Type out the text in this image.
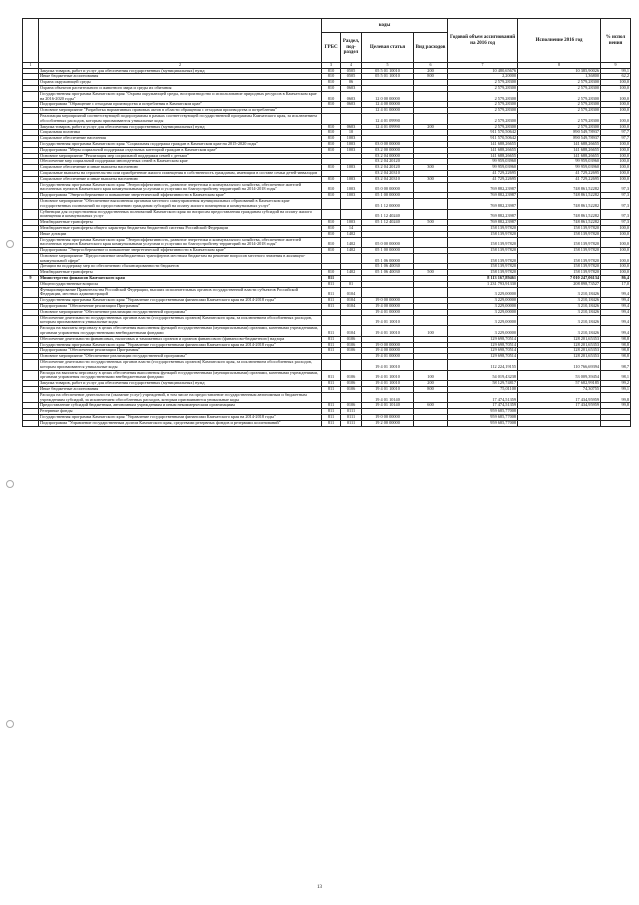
		коды				Годовой объем ассигнований на 2016 год	Исполнение 2016 год	% испол нения
		ГРБС	Раздел, под-раздел	Целевая статья	Вид расходов			
1	2	3	4	5	6	7	8	9
	Закупка товаров, работ и услуг для обеспечения государственных (муниципальных) нужд	810	0505	05 5 01 10010	200	10 480,65676	10 385,90026	99,1
	Иные бюджетные ассигнования	810	0505	05 5 01 10010	800	2,20000	1,36800	62,2
	Охрана окружающей среды	810	06			2 579,28300	2 579,28300	100,0
	Охрана объектов растительного и животного мира и среды их обитания	810	0603			2 579,28300	2 579,28300	100,0
	Государственная программа Камчатского края "Охрана окружающей среды, воспроизводство и использование природных ресурсов в Камчатском крае на 2016-2020 годы"	810	0603	12 0 00 00000		2 579,28300	2 579,28300	100,0
	Подпрограмма "Обращение с отходами производства и потребления в Камчатском крае"	810	0603	12 4 00 00000		2 579,28300	2 579,28300	100,0
	Основное мероприятие "Разработка нормативных правовых актов в области обращения с отходами производства и потребления"			12 4 01 00000		2 579,28300	2 579,28300	100,0
	Реализация мероприятий соответствующей подпрограммы в рамках соответствующей государственной программы Камчатского края, за исключением обособленных расходов, которым присваиваются уникальные коды			12 4 01 09990		2 579,28300	2 579,28300	100,0
	Закупка товаров, работ и услуг для обеспечения государственных (муниципальных) нужд	810	0603	12 4 01 09990	200	2 579,28300	2 579,28300	100,0
	Социальная политика	810	10			911 570,50642	890 549,78937	97,7
	Социальное обеспечение населения	810	1003			911 570,50642	890 549,78937	97,7
	Государственная программа Камчатского края "Социальная поддержка граждан в Камчатском крае на 2015-2020 годы"	810	1003	03 0 00 00000		141 688,26655	141 688,26655	100,0
	Подпрограмма "Меры социальной поддержки отдельных категорий граждан в Камчатском крае"	810	1003	03 2 00 00000		141 688,26655	141 688,26655	100,0
	Основное мероприятие "Реализация мер социальной поддержки семей с детьми"			03 2 04 00000		141 688,26655	141 688,26655	100,0
	Обеспечение мер социальной поддержки многодетных семей в Камчатском крае			03 2 04 20120		99 959,03960	99 959,03960	100,0
	Социальное обеспечение и иные выплаты населению	810	1003	03 2 04 20120	300	99 959,03960	99 959,03960	100,0
	Социальные выплаты на строительство или приобретение жилого помещения в собственность гражданам, имеющим в составе семьи детей-инвалидов			03 2 04 20310		41 729,22695	41 729,22695	100,0
	Социальное обеспечение и иные выплаты населению	810	1003	03 2 04 20310	300	41 729,22695	41 729,22695	100,0
	Государственная программа Камчатского края "Энергоэффективность, развитие энергетики и коммунального хозяйства, обеспечение жителей населенных пунктов Камчатского края коммунальными услугами и услугами по благоустройству территорий на 2014-2018 годы"	810	1003	05 0 00 00000		769 882,23987	748 861,52282	97,3
	Подпрограмма "Энергосбережение и повышение энергетической эффективности в Камчатском крае"	810	1003	05 1 00 00000		769 882,23987	748 861,52282	97,3
	Основное мероприятие "Обеспечение выполнения органами местного самоуправления муниципальных образований в Камчатском крае государственных полномочий по предоставлению гражданам субсидий на оплату жилого помещения и коммунальных услуг"			05 1 12 00000		769 882,23987	748 861,52282	97,3
	Субвенции для осуществления государственных полномочий Камчатского края по вопросам предоставления гражданам субсидий на оплату жилого помещения и коммунальных услуг			05 1 12 40240		769 882,23987	748 861,52282	97,3
	Межбюджетные трансферты	810	1003	05 1 12 40240	500	769 882,23987	748 861,52282	97,3
	Межбюджетные трансферты общего характера бюджетам бюджетной системы Российской Федерации	810	14			158 139,97820	158 139,97820	100,0
	Иные дотации	810	1402			158 139,97820	158 139,97820	100,0
	Государственная программа Камчатского края "Энергоэффективность, развитие энергетики и коммунального хозяйства, обеспечение жителей населенных пунктов Камчатского края коммунальными услугами и услугами по благоустройству территорий на 2014-2018 годы"	810	1402	05 0 00 00000		158 139,97820	158 139,97820	100,0
	Подпрограмма "Энергосбережение и повышение энергетической эффективности в Камчатском крае"	810	1402	05 1 00 00000		158 139,97820	158 139,97820	100,0
	Основное мероприятие "Предоставление межбюджетных трансфертов местным бюджетам на решение вопросов местного значения в жилищно-коммунальной сфере"			05 1 06 00000		158 139,97820	158 139,97820	100,0
	Дотации на поддержку мер по обеспечению сбалансированности бюджетов			05 1 06 40030		158 139,97820	158 139,97820	100,0
	Межбюджетные трансферты	810	1402	05 1 06 40030	500	158 139,97820	158 139,97820	100,0
9	Министерство финансов Камчатского края	811				8 113 167,89461	7 010 247,06134	86,4
	Общегосударственные вопросы	811	01			1 231 793,91330	208 898,73527	17,0
	Функционирование Правительства Российской Федерации, высших исполнительных органов государственной власти субъектов Российской Федерации, местных администраций	811	0104			3 229,00000	3 210,18426	99,4
	Государственная программа Камчатского края "Управление государственными финансами Камчатского края на 2014-2018 годы"	811	0104	19 0 00 00000		3 229,00000	3 210,18426	99,4
	Подпрограмма "Обеспечение реализации Программы"	811	0104	19 4 00 00000		3 229,00000	3 210,18426	99,4
	Основное мероприятие "Обеспечение реализации государственной программы"			19 4 01 00000		3 229,00000	3 210,18426	99,4
	Обеспечение деятельности государственных органов власти (государственных органов) Камчатского края, за исключением обособленных расходов, которым присваиваются уникальные коды			19 4 01 10010		3 229,00000	3 210,18426	99,4
	Расходы на выплаты персоналу в целях обеспечения выполнения функций государственными (муниципальными) органами, казенными учреждениями, органами управления государственными внебюджетными фондами	811	0104	19 4 01 10010	100	3 229,00000	3 210,18426	99,4
	Обеспечение деятельности финансовых, налоговых и таможенных органов и органов финансового (финансово-бюджетного) надзора	811	0106			129 698,70514	128 201,65353	98,8
	Государственная программа Камчатского края "Управление государственными финансами Камчатского края на 2014-2018 годы"	811	0106	19 0 00 00000		129 698,70514	128 201,65353	98,8
	Подпрограмма "Обеспечение реализации Программы"	811	0106	19 4 00 00000		129 698,70514	128 201,65353	98,8
	Основное мероприятие "Обеспечение реализации государственной программы"			19 4 01 00000		129 698,70514	128 201,65353	98,8
	Обеспечение деятельности государственных органов власти (государственных органов) Камчатского края, за исключением обособленных расходов, которым присваиваются уникальные коды			19 4 01 10010		112 224,19155	110 766,69394	98,7
	Расходы на выплаты персоналу в целях обеспечения выполнения функций государственными (муниципальными) органами, казенными учреждениями, органами управления государственными внебюджетными фондами	811	0106	19 4 01 10010	100	54 019,43238	53 009,39454	98,1
	Закупка товаров, работ и услуг для обеспечения государственных (муниципальных) нужд	811	0106	19 4 01 10010	200	58 129,74817	57 682,99185	99,2
	Иные бюджетные ассигнования	811	0106	19 4 01 10010	800	75,01100	74,30755	99,1
	Расходы на обеспечение деятельности (оказание услуг) учреждений, в том числе на предоставление государственным автономным и бюджетным учреждениям субсидий, за исключением обособленных расходов, которым присваиваются уникальные коды			19 4 01 10140		17 474,51359	17 434,95959	99,8
	Предоставление субсидий бюджетным, автономным учреждениям и иным некоммерческим организациям	811	0106	19 4 01 10140	600	17 474,51359	17 434,95959	99,8
	Резервные фонды	811	0111			959 685,77008		
	Государственная программа Камчатского края "Управление государственными финансами Камчатского края на 2014-2018 годы"	811	0111	19 0 00 00000		959 685,77008		
	Подпрограмма "Управление государственным долгом Камчатского края, средствами резервных фондов и резервами ассигнований"	811	0111	19 2 00 00000		959 685,77008		
13
